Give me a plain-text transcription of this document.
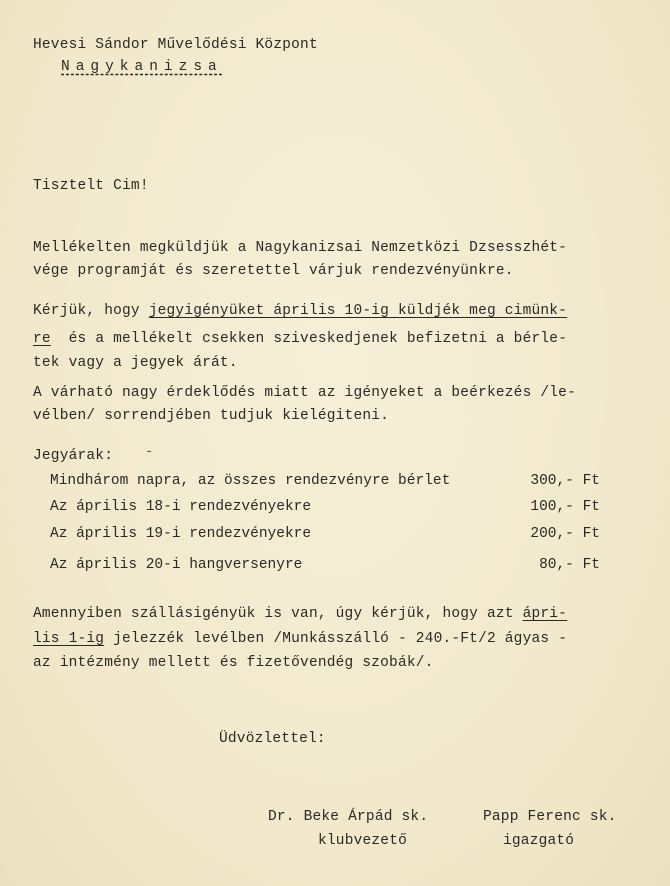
Hevesi Sándor Művelődési Központ
Nagykanizsa
Tisztelt Cim!
Mellékelten megküldjük a Nagykanizsai Nemzetközi Dzsesszhét-
vége programját és szeretettel várjuk rendezvényünkre.
Kérjük, hogy jegyigényüket április 10-ig küldjék meg cimünk-
re  és a mellékelt csekken sziveskedjenek befizetni a bérle-
tek vagy a jegyek árát.
A várható nagy érdeklődés miatt az igényeket a beérkezés /le-
vélben/ sorrendjében tudjuk kielégiteni.
Jegyárak: -
Mindhárom napra, az összes rendezvényre bérlet	300,- Ft
Az április 18-i rendezvényekre	100,- Ft
Az április 19-i rendezvényekre	200,- Ft
Az április 20-i hangversenyre	80,- Ft
Amennyiben szállásigényük is van, úgy kérjük, hogy azt ápri-
lis 1-ig jelezzék levélben /Munkásszálló - 240.-Ft/2 ágyas -
az intézmény mellett és fizetővendég szobák/.
Üdvözlettel:
Dr. Beke Árpád sk.
klubvezető
Papp Ferenc sk.
igazgató
